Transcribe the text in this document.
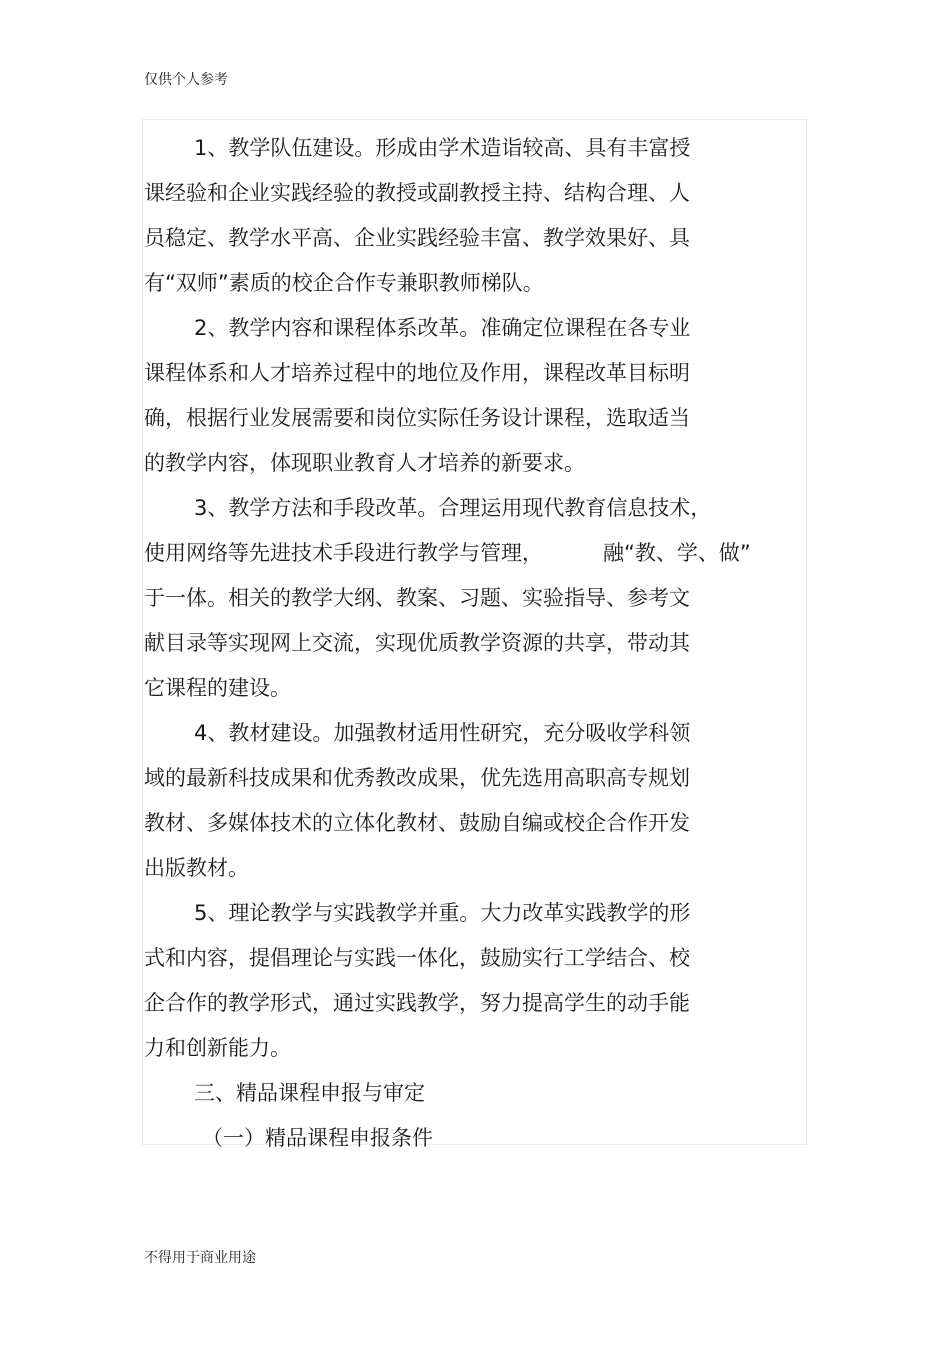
仅供个人参考
1、教学队伍建设。形成由学术造诣较高、具有丰富授
课经验和企业实践经验的教授或副教授主持、结构合理、人
员稳定、教学水平高、企业实践经验丰富、教学效果好、具
有“双师”素质的校企合作专兼职教师梯队。
2、教学内容和课程体系改革。准确定位课程在各专业
课程体系和人才培养过程中的地位及作用，课程改革目标明
确，根据行业发展需要和岗位实际任务设计课程，选取适当
的教学内容，体现职业教育人才培养的新要求。
3、教学方法和手段改革。合理运用现代教育信息技术，
使用网络等先进技术手段进行教学与管理，	融“教、学、做”
于一体。相关的教学大纲、教案、习题、实验指导、参考文
献目录等实现网上交流，实现优质教学资源的共享，带动其
它课程的建设。
4、教材建设。加强教材适用性研究，充分吸收学科领
域的最新科技成果和优秀教改成果，优先选用高职高专规划
教材、多媒体技术的立体化教材、鼓励自编或校企合作开发
出版教材。
5、理论教学与实践教学并重。大力改革实践教学的形
式和内容，提倡理论与实践一体化，鼓励实行工学结合、校
企合作的教学形式，通过实践教学，努力提高学生的动手能
力和创新能力。
三、精品课程申报与审定
（一）精品课程申报条件
不得用于商业用途
